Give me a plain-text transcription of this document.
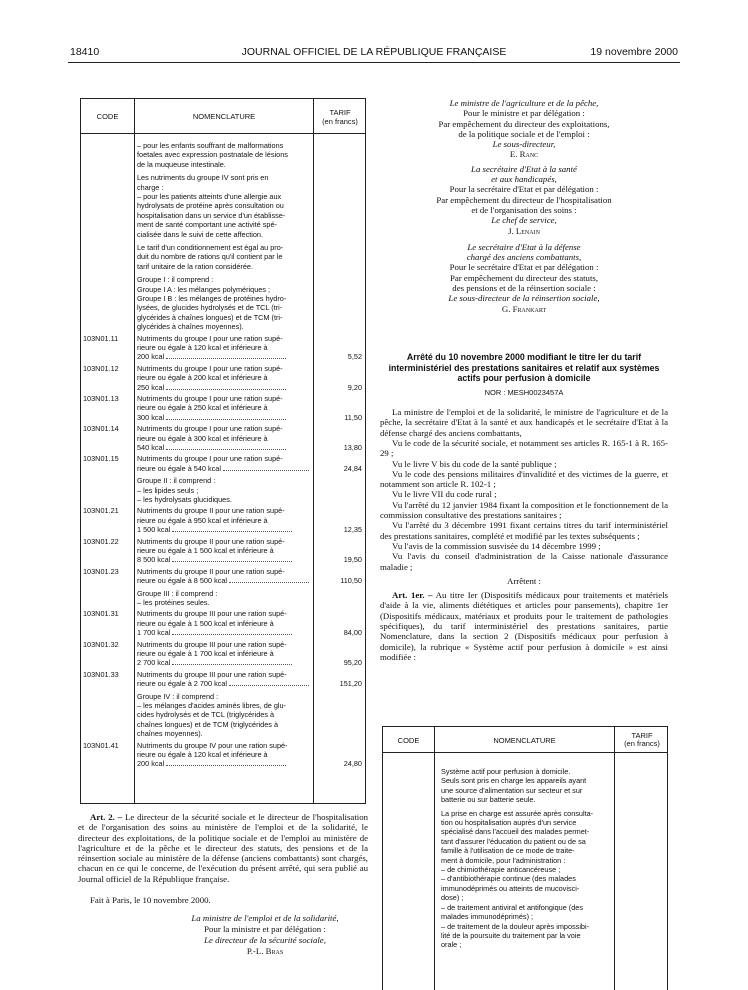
18410	JOURNAL OFFICIEL DE LA RÉPUBLIQUE FRANÇAISE	19 novembre 2000
CODE	NOMENCLATURE	TARIF
(en francs)
– pour les enfants souffrant de malformations
foetales avec expression postnatale de lésions
de la muqueuse intestinale.
Les nutriments du groupe IV sont pris en
charge :
– pour les patients atteints d'une allergie aux
hydrolysats de protéine après consultation ou
hospitalisation dans un service d'un établisse-
ment de santé comportant une activité spé-
cialisée dans le suivi de cette affection.
Le tarif d'un conditionnement est égal au pro-
duit du nombre de rations qu'il contient par le
tarif unitaire de la ration considérée.
Groupe I : il comprend :
Groupe I A : les mélanges polymériques ;
Groupe I B : les mélanges de protéines hydro-
lysées, de glucides hydrolysés et de TCL (tri-
glycérides à chaînes longues) et de TCM (tri-
glycérides à chaînes moyennes).
103N01.11	Nutriments du groupe I pour une ration supé-
rieure ou égale à 120 kcal et inférieure à
200 kcal	5,52
103N01.12	Nutriments du groupe I pour une ration supé-
rieure ou égale à 200 kcal et inférieure à
250 kcal	9,20
103N01.13	Nutriments du groupe I pour une ration supé-
rieure ou égale à 250 kcal et inférieure à
300 kcal	11,50
103N01.14	Nutriments du groupe I pour une ration supé-
rieure ou égale à 300 kcal et inférieure à
540 kcal	13,80
103N01.15	Nutriments du groupe I pour une ration supé-
rieure ou égale à 540 kcal	24,84
Groupe II : il comprend :
– les lipides seuls ;
– les hydrolysats glucidiques.
103N01.21	Nutriments du groupe II pour une ration supé-
rieure ou égale à 950 kcal et inférieure à
1 500 kcal	12,35
103N01.22	Nutriments du groupe II pour une ration supé-
rieure ou égale à 1 500 kcal et inférieure à
8 500 kcal	19,50
103N01.23	Nutriments du groupe II pour une ration supé-
rieure ou égale à 8 500 kcal	110,50
Groupe III : il comprend :
– les protéines seules.
103N01.31	Nutriments du groupe III pour une ration supé-
rieure ou égale à 1 500 kcal et inférieure à
1 700 kcal	84,00
103N01.32	Nutriments du groupe III pour une ration supé-
rieure ou égale à 1 700 kcal et inférieure à
2 700 kcal	95,20
103N01.33	Nutriments du groupe III pour une ration supé-
rieure ou égale à 2 700 kcal	151,20
Groupe IV : il comprend :
– les mélanges d'acides aminés libres, de glu-
cides hydrolysés et de TCL (triglycérides à
chaînes longues) et de TCM (triglycérides à
chaînes moyennes).
103N01.41	Nutriments du groupe IV pour une ration supé-
rieure ou égale à 120 kcal et inférieure à
200 kcal	24,80
Art. 2. – Le directeur de la sécurité sociale et le directeur de l'hospitalisation et de l'organisation des soins au ministère de l'emploi et de la solidarité, le directeur des exploitations, de la politique sociale et de l'emploi au ministère de l'agriculture et de la pêche et le directeur des statuts, des pensions et de la réinsertion sociale au ministère de la défense (anciens combattants) sont chargés, chacun en ce qui le concerne, de l'exécution du présent arrêté, qui sera publié au Journal officiel de la République française.
Fait à Paris, le 10 novembre 2000.
La ministre de l'emploi et de la solidarité,
Pour la ministre et par délégation :
Le directeur de la sécurité sociale,
P.-L. Bras

Le ministre de l'agriculture et de la pêche,

Pour le ministre et par délégation :

Par empêchement du directeur des exploitations,

de la politique sociale et de l'emploi :

Le sous-directeur,

E. Ranc

La secrétaire d'Etat à la santé

et aux handicapés,

Pour la secrétaire d'Etat et par délégation :

Par empêchement du directeur de l'hospitalisation

et de l'organisation des soins :

Le chef de service,

J. Lenain

Le secrétaire d'Etat à la défense

chargé des anciens combattants,

Pour le secrétaire d'Etat et par délégation :

Par empêchement du directeur des statuts,

des pensions et de la réinsertion sociale :

Le sous-directeur de la réinsertion sociale,

G. Frankart

Arrêté du 10 novembre 2000 modifiant le titre Ier du tarif interministériel des prestations sanitaires et relatif aux systèmes actifs pour perfusion à domicile

NOR : MESH0023457A

La ministre de l'emploi et de la solidarité, le ministre de l'agriculture et de la pêche, la secrétaire d'Etat à la santé et aux handicapés et le secrétaire d'Etat à la défense chargé des anciens combattants,

Vu le code de la sécurité sociale, et notamment ses articles R. 165-1 à R. 165-29 ;

Vu le livre V bis du code de la santé publique ;

Vu le code des pensions militaires d'invalidité et des victimes de la guerre, et notamment son article R. 102-1 ;

Vu le livre VII du code rural ;

Vu l'arrêté du 12 janvier 1984 fixant la composition et le fonctionnement de la commission consultative des prestations sanitaires ;

Vu l'arrêté du 3 décembre 1991 fixant certains titres du tarif interministériel des prestations sanitaires, complété et modifié par les textes subséquents ;

Vu l'avis de la commission susvisée du 14 décembre 1999 ;

Vu l'avis du conseil d'administration de la Caisse nationale d'assurance maladie ;

Arrêtent :

Art. 1er. – Au titre Ier (Dispositifs médicaux pour traitements et matériels d'aide à la vie, aliments diététiques et articles pour pansements), chapitre 1er (Dispositifs médicaux, matériaux et produits pour le traitement de pathologies spécifiques), du tarif interministériel des prestations sanitaires, partie Nomenclature, dans la section 2 (Dispositifs médicaux pour perfusion à domicile), la rubrique « Système actif pour perfusion à domicile » est ainsi modifiée :

CODE	NOMENCLATURE
TARIF
(en francs)
Système actif pour perfusion à domicile.
Seuls sont pris en charge les appareils ayant
une source d'alimentation sur secteur et sur
batterie ou sur batterie seule.
La prise en charge est assurée après consulta-
tion ou hospitalisation auprès d'un service
spécialisé dans l'accueil des malades permet-
tant d'assurer l'éducation du patient ou de sa
famille à l'utilisation de ce mode de traite-
ment à domicile, pour l'administration :
– de chimiothérapie anticancéreuse ;
– d'antibiothérapie continue (des malades
immunodéprimés ou atteints de mucovisci-
dose) ;
– de traitement antiviral et antifongique (des
malades immunodéprimés) ;
– de traitement de la douleur après impossibi-
lité de la poursuite du traitement par la voie
orale ;
